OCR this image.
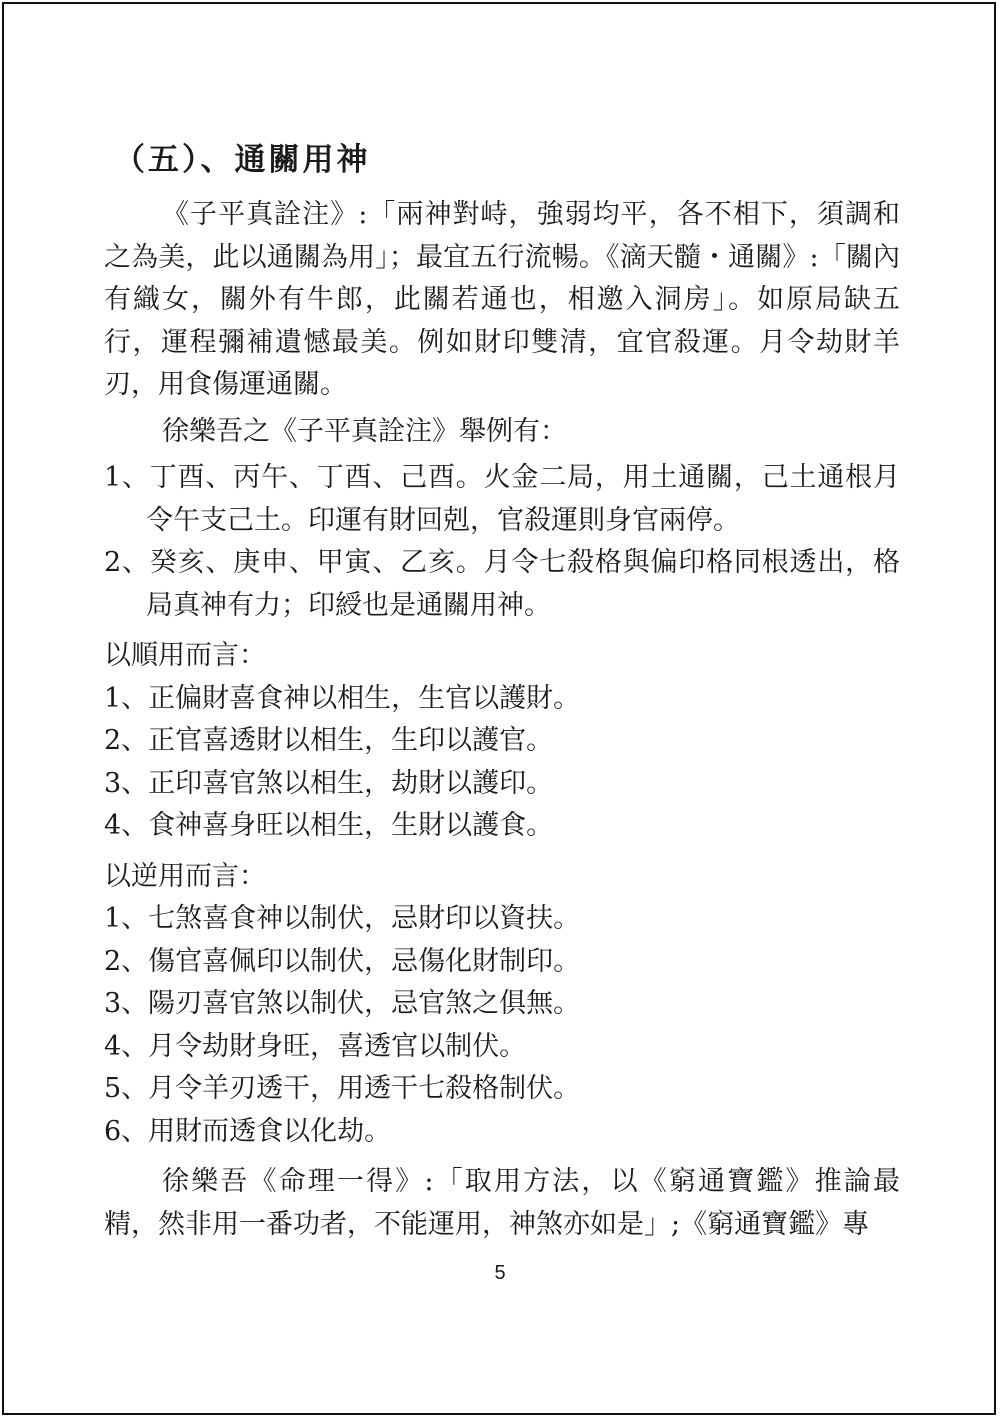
（五）、通關用神

《子平真詮注》:「兩神對峙，強弱均平，各不相下，須調和之為美，此以通關為用」；最宜五行流暢。《滴天髓・通關》:「關內有織女，關外有牛郎，此關若通也，相邀入洞房」。如原局缺五行，運程彌補遺憾最美。例如財印雙清，宜官殺運。月令劫財羊刃，用食傷運通關。

徐樂吾之《子平真詮注》舉例有：

1、丁酉、丙午、丁酉、己酉。火金二局，用土通關，己土通根月令午支己土。印運有財回剋，官殺運則身官兩停。
2、癸亥、庚申、甲寅、乙亥。月令七殺格與偏印格同根透出，格局真神有力；印綬也是通關用神。
以順用而言：
1、正偏財喜食神以相生，生官以護財。
2、正官喜透財以相生，生印以護官。
3、正印喜官煞以相生，劫財以護印。
4、食神喜身旺以相生，生財以護食。
以逆用而言：
1、七煞喜食神以制伏，忌財印以資扶。
2、傷官喜佩印以制伏，忌傷化財制印。
3、陽刃喜官煞以制伏，忌官煞之俱無。
4、月令劫財身旺，喜透官以制伏。
5、月令羊刃透干，用透干七殺格制伏。
6、用財而透食以化劫。

徐樂吾《命理一得》:「取用方法，以《窮通寶鑑》推論最精，然非用一番功者，不能運用，神煞亦如是」;《窮通寶鑑》專

5
